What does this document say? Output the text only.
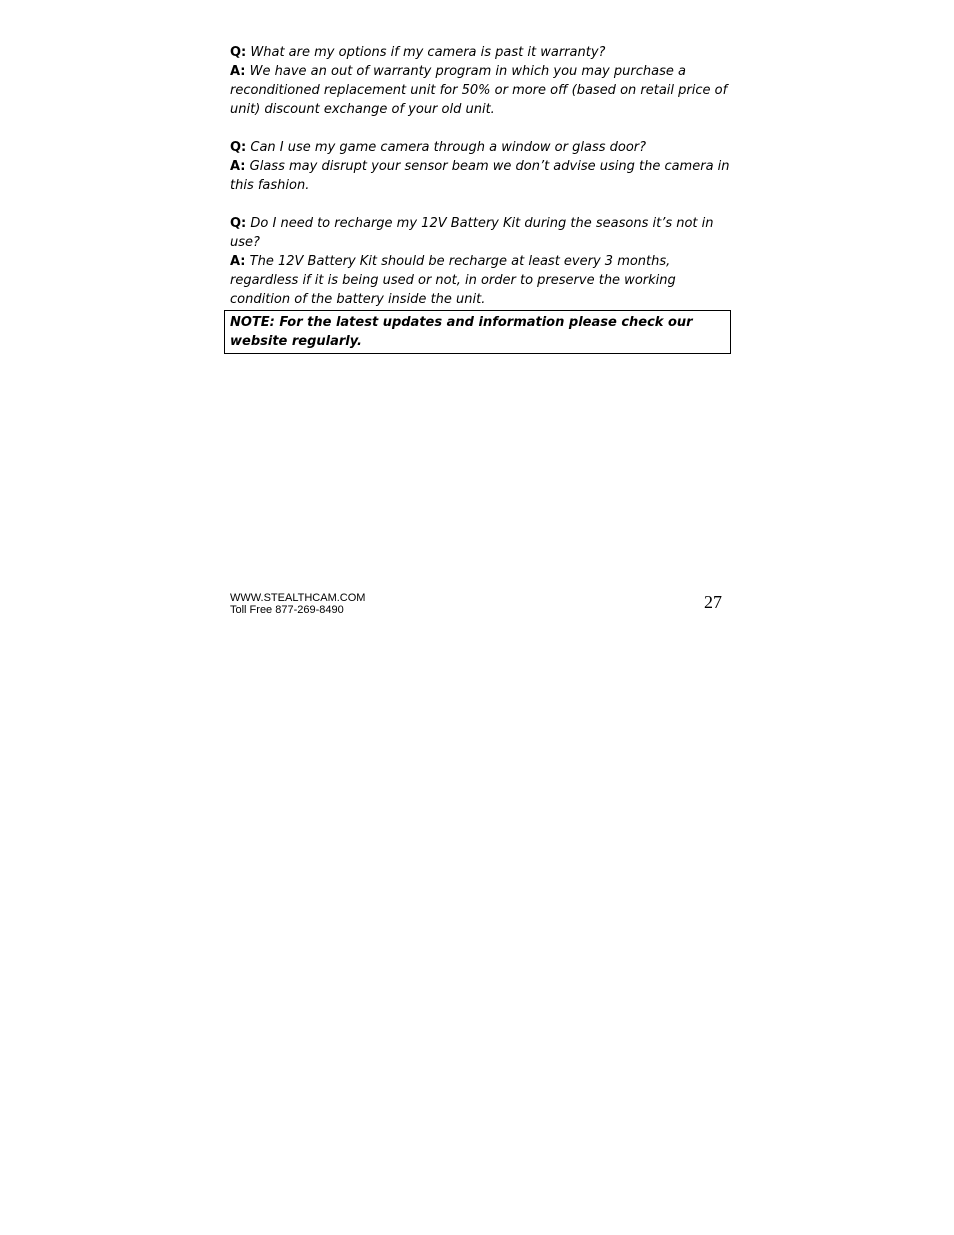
Q: What are my options if my camera is past it warranty?

A: We have an out of warranty program in which you may purchase a reconditioned replacement unit for 50% or more off (based on retail price of unit) discount exchange of your old unit.

Q: Can I use my game camera through a window or glass door?

A: Glass may disrupt your sensor beam we don’t advise using the camera in this fashion.

Q: Do I need to recharge my 12V Battery Kit during the seasons it’s not in use?

A: The 12V Battery Kit should be recharge at least every 3 months, regardless if it is being used or not, in order to preserve the working condition of the battery inside the unit.

NOTE: For the latest updates and information please check our website regularly.
WWW.STEALTHCAM.COM
Toll Free 877-269-8490	27
